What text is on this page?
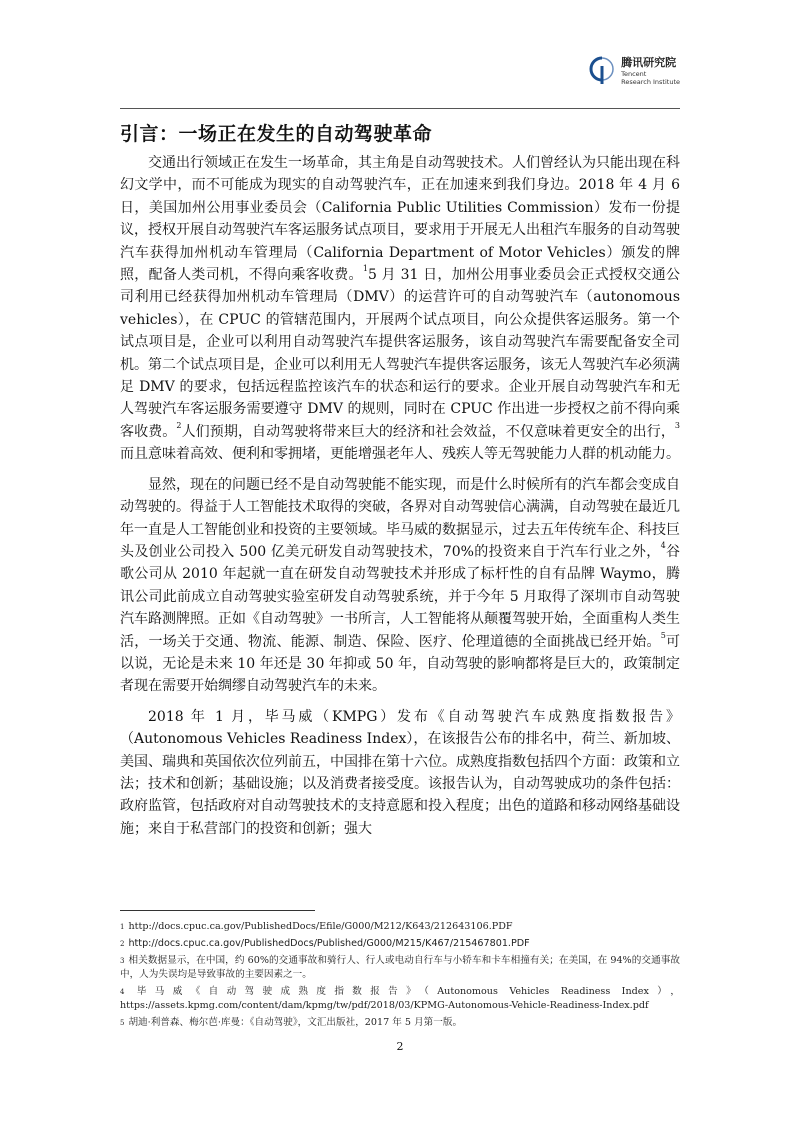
腾讯研究院
Tencent
Research Institute
引言：一场正在发生的自动驾驶革命

交通出行领域正在发生一场革命，其主角是自动驾驶技术。人们曾经认为只能出现在科幻文学中，而不可能成为现实的自动驾驶汽车，正在加速来到我们身边。2018 年 4 月 6 日，美国加州公用事业委员会（California Public Utilities Commission）发布一份提议，授权开展自动驾驶汽车客运服务试点项目，要求用于开展无人出租汽车服务的自动驾驶汽车获得加州机动车管理局（California Department of Motor Vehicles）颁发的牌照，配备人类司机，不得向乘客收费。$^1$5 月 31 日，加州公用事业委员会正式授权交通公司利用已经获得加州机动车管理局（DMV）的运营许可的自动驾驶汽车（autonomous vehicles），在 CPUC 的管辖范围内，开展两个试点项目，向公众提供客运服务。第一个试点项目是，企业可以利用自动驾驶汽车提供客运服务，该自动驾驶汽车需要配备安全司机。第二个试点项目是，企业可以利用无人驾驶汽车提供客运服务，该无人驾驶汽车必须满足 DMV 的要求，包括远程监控该汽车的状态和运行的要求。企业开展自动驾驶汽车和无人驾驶汽车客运服务需要遵守 DMV 的规则，同时在 CPUC 作出进一步授权之前不得向乘客收费。$^2$人们预期，自动驾驶将带来巨大的经济和社会效益，不仅意味着更安全的出行，$^3$而且意味着高效、便利和零拥堵，更能增强老年人、残疾人等无驾驶能力人群的机动能力。

显然，现在的问题已经不是自动驾驶能不能实现，而是什么时候所有的汽车都会变成自动驾驶的。得益于人工智能技术取得的突破，各界对自动驾驶信心满满，自动驾驶在最近几年一直是人工智能创业和投资的主要领域。毕马威的数据显示，过去五年传统车企、科技巨头及创业公司投入 500 亿美元研发自动驾驶技术，70%的投资来自于汽车行业之外，$^4$谷歌公司从 2010 年起就一直在研发自动驾驶技术并形成了标杆性的自有品牌 Waymo，腾讯公司此前成立自动驾驶实验室研发自动驾驶系统，并于今年 5 月取得了深圳市自动驾驶汽车路测牌照。正如《自动驾驶》一书所言，人工智能将从颠覆驾驶开始，全面重构人类生活，一场关于交通、物流、能源、制造、保险、医疗、伦理道德的全面挑战已经开始。$^5$可以说，无论是未来 10 年还是 30 年抑或 50 年，自动驾驶的影响都将是巨大的，政策制定者现在需要开始绸缪自动驾驶汽车的未来。

2018 年 1 月，毕马威（KMPG）发布《自动驾驶汽车成熟度指数报告》（Autonomous Vehicles Readiness Index），在该报告公布的排名中，荷兰、新加坡、美国、瑞典和英国依次位列前五，中国排在第十六位。成熟度指数包括四个方面：政策和立法；技术和创新；基础设施；以及消费者接受度。该报告认为，自动驾驶成功的条件包括：政府监管，包括政府对自动驾驶技术的支持意愿和投入程度；出色的道路和移动网络基础设施；来自于私营部门的投资和创新；强大

$^1$ http://docs.cpuc.ca.gov/PublishedDocs/Efile/G000/M212/K643/212643106.PDF

$^2$ http://docs.cpuc.ca.gov/PublishedDocs/Published/G000/M215/K467/215467801.PDF

$^3$ 相关数据显示，在中国，约 60%的交通事故和骑行人、行人或电动自行车与小轿车和卡车相撞有关；在美国，在 94%的交通事故中，人为失误均是导致事故的主要因素之一。

$^4$ 毕马威《自动驾驶成熟度指数报告》（Autonomous Vehicles Readiness Index），https://assets.kpmg.com/content/dam/kpmg/tw/pdf/2018/03/KPMG-Autonomous-Vehicle-Readiness-Index.pdf

$^5$ 胡迪·利普森、梅尔芭·库曼：《自动驾驶》，文汇出版社，2017 年 5 月第一版。

2
